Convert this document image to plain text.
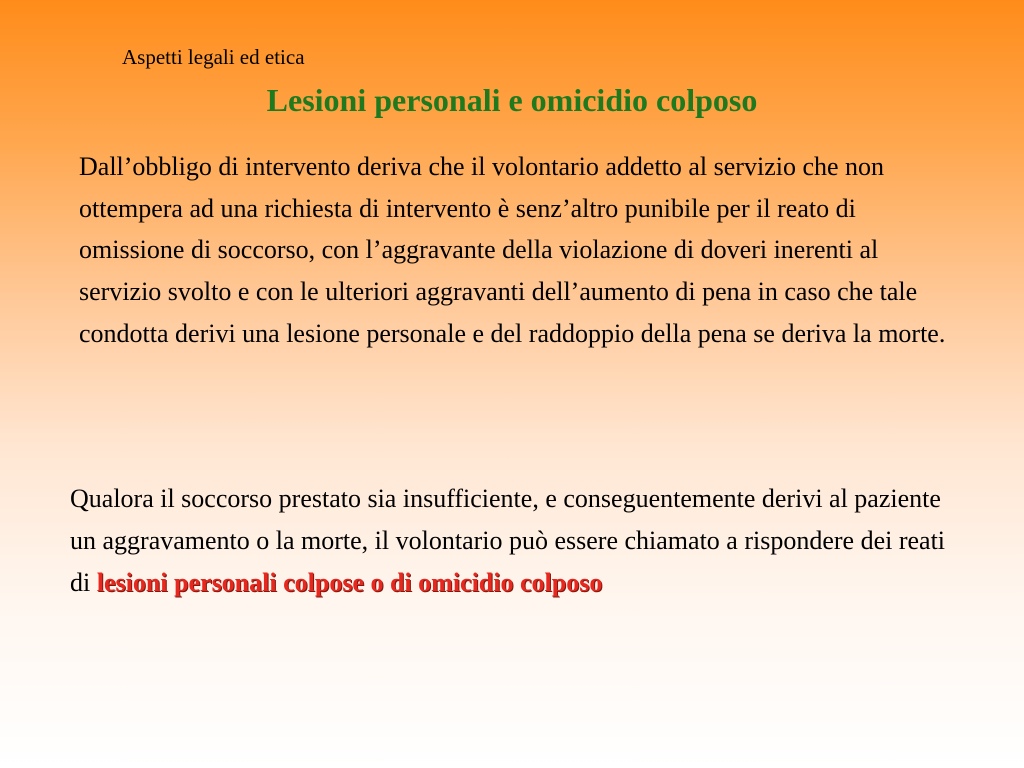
Aspetti legali ed etica
Lesioni personali e omicidio colposo
Dall’obbligo di intervento deriva che il volontario addetto al servizio che non ottempera ad una richiesta di intervento è senz’altro punibile per il reato di omissione di soccorso, con l’aggravante della violazione di doveri inerenti al servizio svolto e con le ulteriori aggravanti dell’aumento di pena in caso che tale condotta derivi una lesione personale e del raddoppio della pena se deriva la morte.
Qualora il soccorso prestato sia insufficiente, e conseguentemente derivi al paziente un aggravamento o la morte, il volontario può essere chiamato a rispondere dei reati di lesioni personali colpose o di omicidio colposo
